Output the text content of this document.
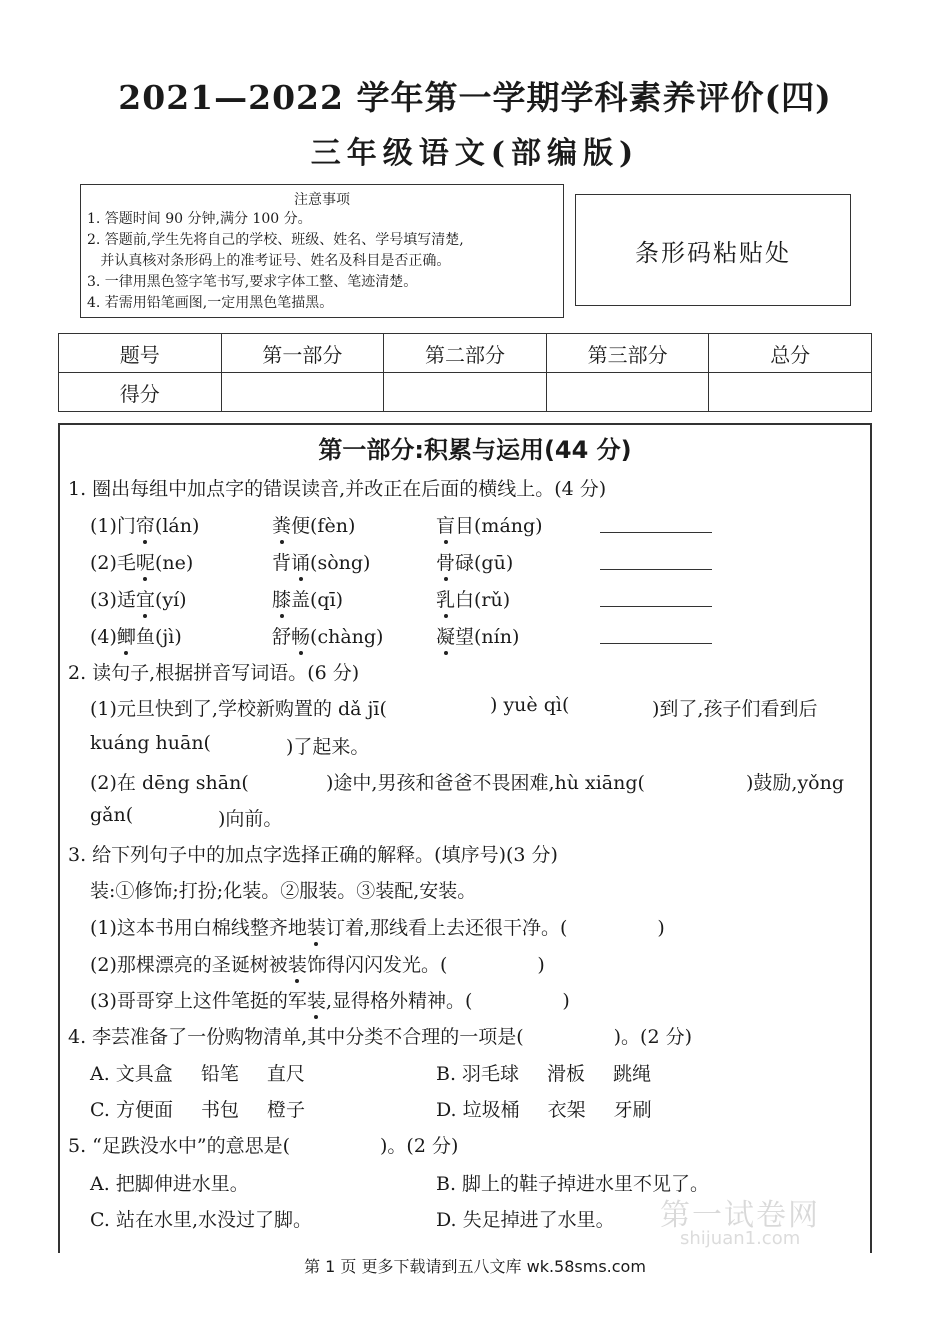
2021—2022 学年第一学期学科素养评价(四)
三年级语文(部编版)
注意事项
1. 答题时间 90 分钟,满分 100 分。
2. 答题前,学生先将自己的学校、班级、姓名、学号填写清楚,
并认真核对条形码上的准考证号、姓名及科目是否正确。
3. 一律用黑色签字笔书写,要求字体工整、笔迹清楚。
4. 若需用铅笔画图,一定用黑色笔描黑。
条形码粘贴处
题号	第一部分	第二部分	第三部分	总分
得分				
第一部分:积累与运用(44 分)
1. 圈出每组中加点字的错误读音,并改正在后面的横线上。(4 分)
(1)门帘(lán)	粪便(fèn)	盲目(máng)
(2)毛呢(ne)	背诵(sòng)	骨碌(gū)
(3)适宜(yí)	膝盖(qī)	乳白(rǔ)
(4)鲫鱼(jì)	舒畅(chàng)	凝望(nín)
2. 读句子,根据拼音写词语。(6 分)
(1)元旦快到了,学校新购置的 dǎ jī(	) yuè qì(	)到了,孩子们看到后
kuáng huān(	)了起来。
(2)在 dēng shān(	)途中,男孩和爸爸不畏困难,hù xiāng(	)鼓励,yǒng
gǎn(	)向前。
3. 给下列句子中的加点字选择正确的解释。(填序号)(3 分)
装:①修饰;打扮;化装。②服装。③装配,安装。
(1)这本书用白棉线整齐地装订着,那线看上去还很干净。(	)
(2)那棵漂亮的圣诞树被装饰得闪闪发光。(	)
(3)哥哥穿上这件笔挺的军装,显得格外精神。(	)
4. 李芸准备了一份购物清单,其中分类不合理的一项是(	)。(2 分)
A. 文具盒 铅笔 直尺	B. 羽毛球 滑板 跳绳
C. 方便面 书包 橙子	D. 垃圾桶 衣架 牙刷
5. “足跌没水中”的意思是(	)。(2 分)
A. 把脚伸进水里。	B. 脚上的鞋子掉进水里不见了。
C. 站在水里,水没过了脚。	D. 失足掉进了水里。 第一试卷网
shijuan1.com
第 1 页 更多下载请到五八文库 wk.58sms.com
